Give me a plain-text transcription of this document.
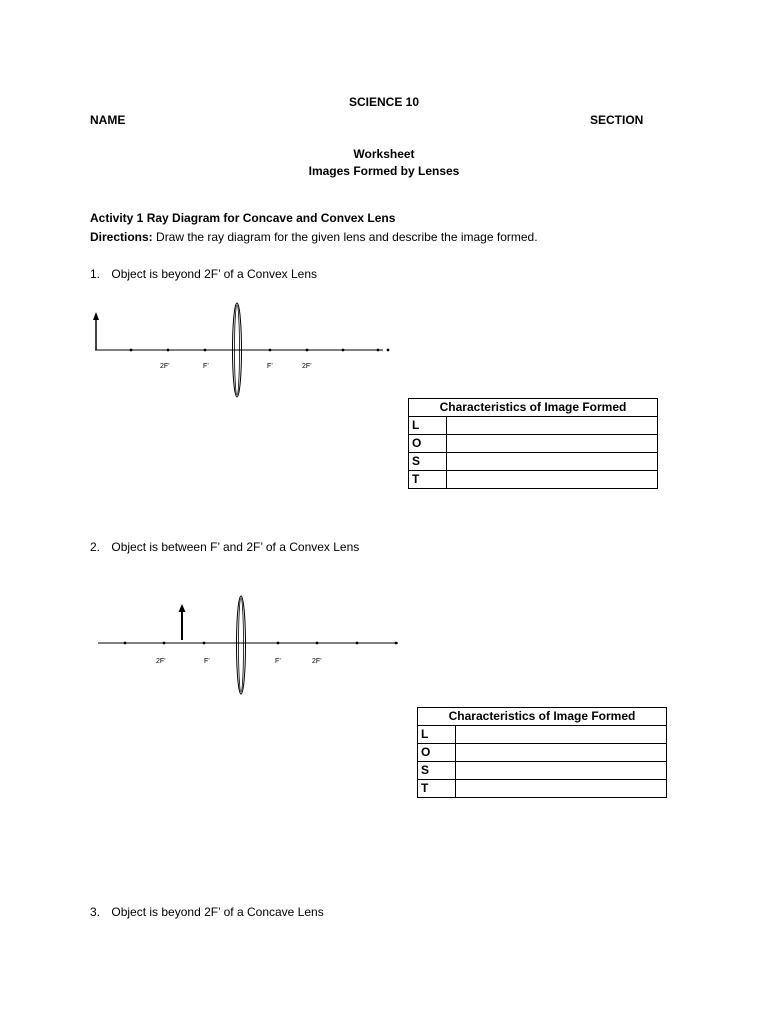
SCIENCE 10
NAME	SECTION
Worksheet
Images Formed by Lenses
Activity 1 Ray Diagram for Concave and Convex Lens
Directions: Draw the ray diagram for the given lens and describe the image formed.
1. Object is beyond 2F’ of a Convex Lens
2F’	F’	F’	2F’
2F’	F’	F’	2F’
Characteristics of Image Formed	
L	
O	
S	
T	
2. Object is between F’ and 2F’ of a Convex Lens
Characteristics of Image Formed	
L	
O	
S	
T	
3. Object is beyond 2F’ of a Concave Lens
